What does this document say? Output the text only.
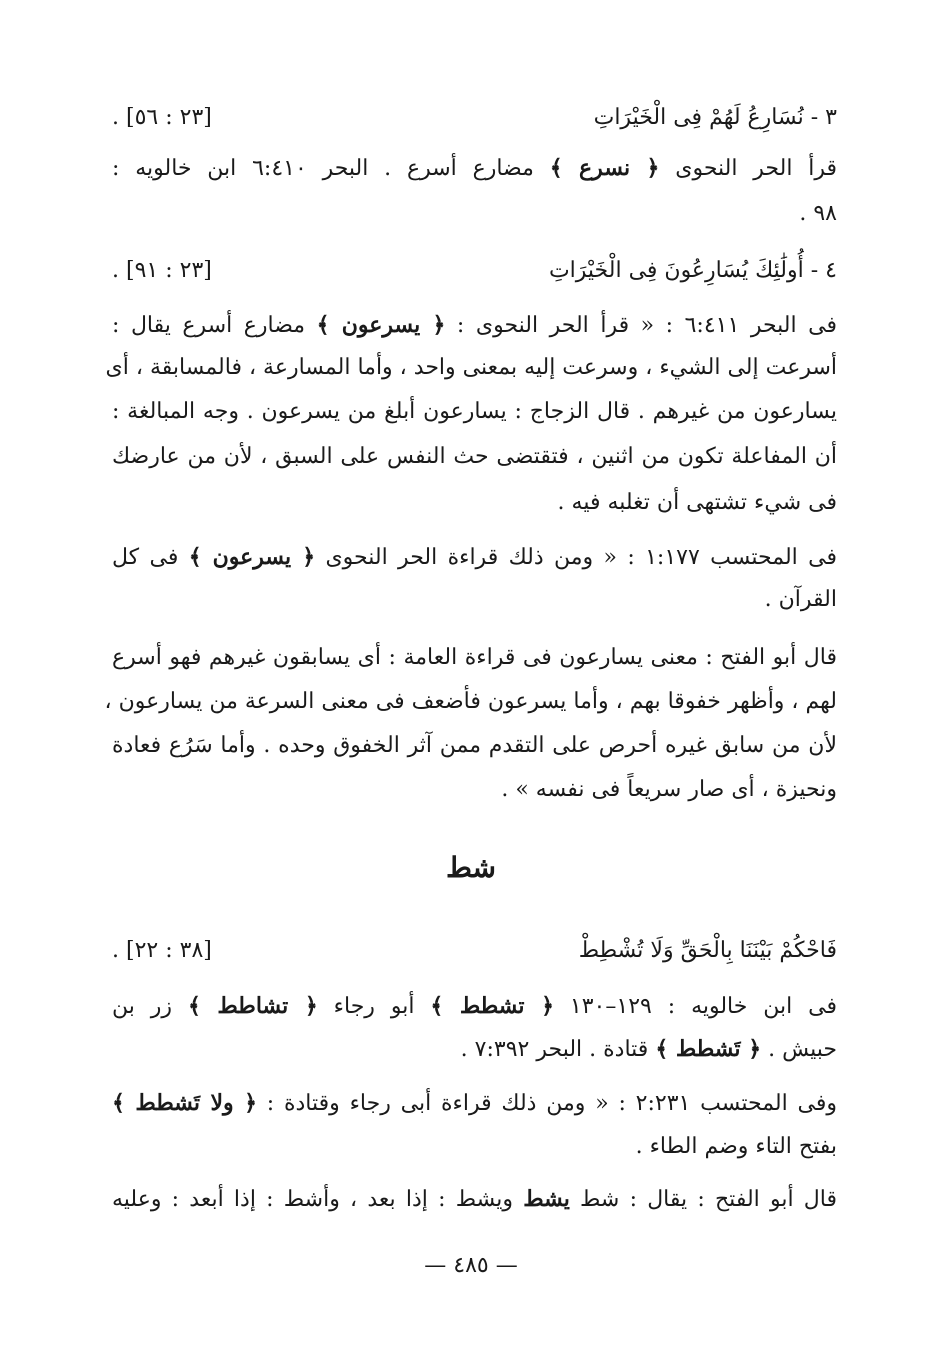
٣ - نُسَارِعُ لَهُمْ فِى الْخَيْرَاتِ
[٢٣ : ٥٦] .
قرأ الحر النحوى ﴿ نسرع ﴾ مضارع أسرع . البحر ٦:٤١٠ ابن خالويه :
٩٨ .
٤ - أُولَٰئِكَ يُسَارِعُونَ فِى الْخَيْرَاتِ
[٢٣ : ٩١] .
فى البحر ٦:٤١١ : « قرأ الحر النحوى : ﴿ يسرعون ﴾ مضارع أسرع يقال :
أسرعت إلى الشيء ، وسرعت إليه بمعنى واحد ، وأما المسارعة ، فالمسابقة ، أى
يسارعون من غيرهم . قال الزجاج : يسارعون أبلغ من يسرعون . وجه المبالغة :
أن المفاعلة تكون من اثنين ، فتقتضى حث النفس على السبق ، لأن من عارضك
فى شيء تشتهى أن تغلبه فيه .
فى المحتسب ١:١٧٧ : « ومن ذلك قراءة الحر النحوى ﴿ يسرعون ﴾ فى كل
القرآن .
قال أبو الفتح : معنى يسارعون فى قراءة العامة : أى يسابقون غيرهم فهو أسرع
لهم ، وأظهر خفوقا بهم ، وأما يسرعون فأضعف فى معنى السرعة من يسارعون ،
لأن من سابق غيره أحرص على التقدم ممن آثر الخفوق وحده . وأما سَرُع فعادة
ونحيزة ، أى صار سريعاً فى نفسه » .
شط
فَاحْكُمْ بَيْنَنَا بِالْحَقِّ وَلَا تُشْطِطْ
[٣٨ : ٢٢] .
فى ابن خالويه : ١٢٩–١٣٠ ﴿ تشطط ﴾ أبو رجاء ﴿ تشاطط ﴾ زر بن
حبيش . ﴿ تَشطط ﴾ قتادة . البحر ٧:٣٩٢ .
وفى المحتسب ٢:٢٣١ : « ومن ذلك قراءة أبى رجاء وقتادة : ﴿ ولا تَشطط ﴾
بفتح التاء وضم الطاء .
قال أبو الفتح : يقال : شط يشط ويشط : إذا بعد ، وأشط : إذا أبعد : وعليه
— ٤٨٥ —
